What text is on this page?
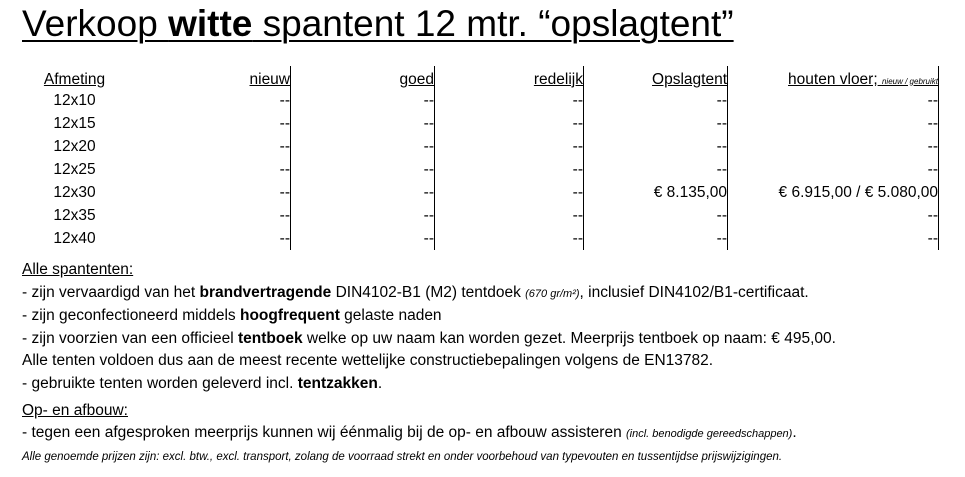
Verkoop witte spantent 12 mtr. “opslagtent”
Afmeting	nieuw	goed	redelijk	Opslagtent	houten vloer; nieuw / gebruikt
12x10	--	--	--	--	--
12x15	--	--	--	--	--
12x20	--	--	--	--	--
12x25	--	--	--	--	--
12x30	--	--	--	€ 8.135,00	€ 6.915,00 / € 5.080,00
12x35	--	--	--	--	--
12x40	--	--	--	--	--

Alle spantenten:

- zijn vervaardigd van het brandvertragende DIN4102-B1 (M2) tentdoek (670 gr/m²), inclusief DIN4102/B1-certificaat.

- zijn geconfectioneerd middels hoogfrequent gelaste naden

- zijn voorzien van een officieel tentboek welke op uw naam kan worden gezet. Meerprijs tentboek op naam: € 495,00.

Alle tenten voldoen dus aan de meest recente wettelijke constructiebepalingen volgens de EN13782.

- gebruikte tenten worden geleverd incl. tentzakken.

Op- en afbouw:

- tegen een afgesproken meerprijs kunnen wij éénmalig bij de op- en afbouw assisteren (incl. benodigde gereedschappen).

Alle genoemde prijzen zijn: excl. btw., excl. transport, zolang de voorraad strekt en onder voorbehoud van typevouten en tussentijdse prijswijzigingen.
